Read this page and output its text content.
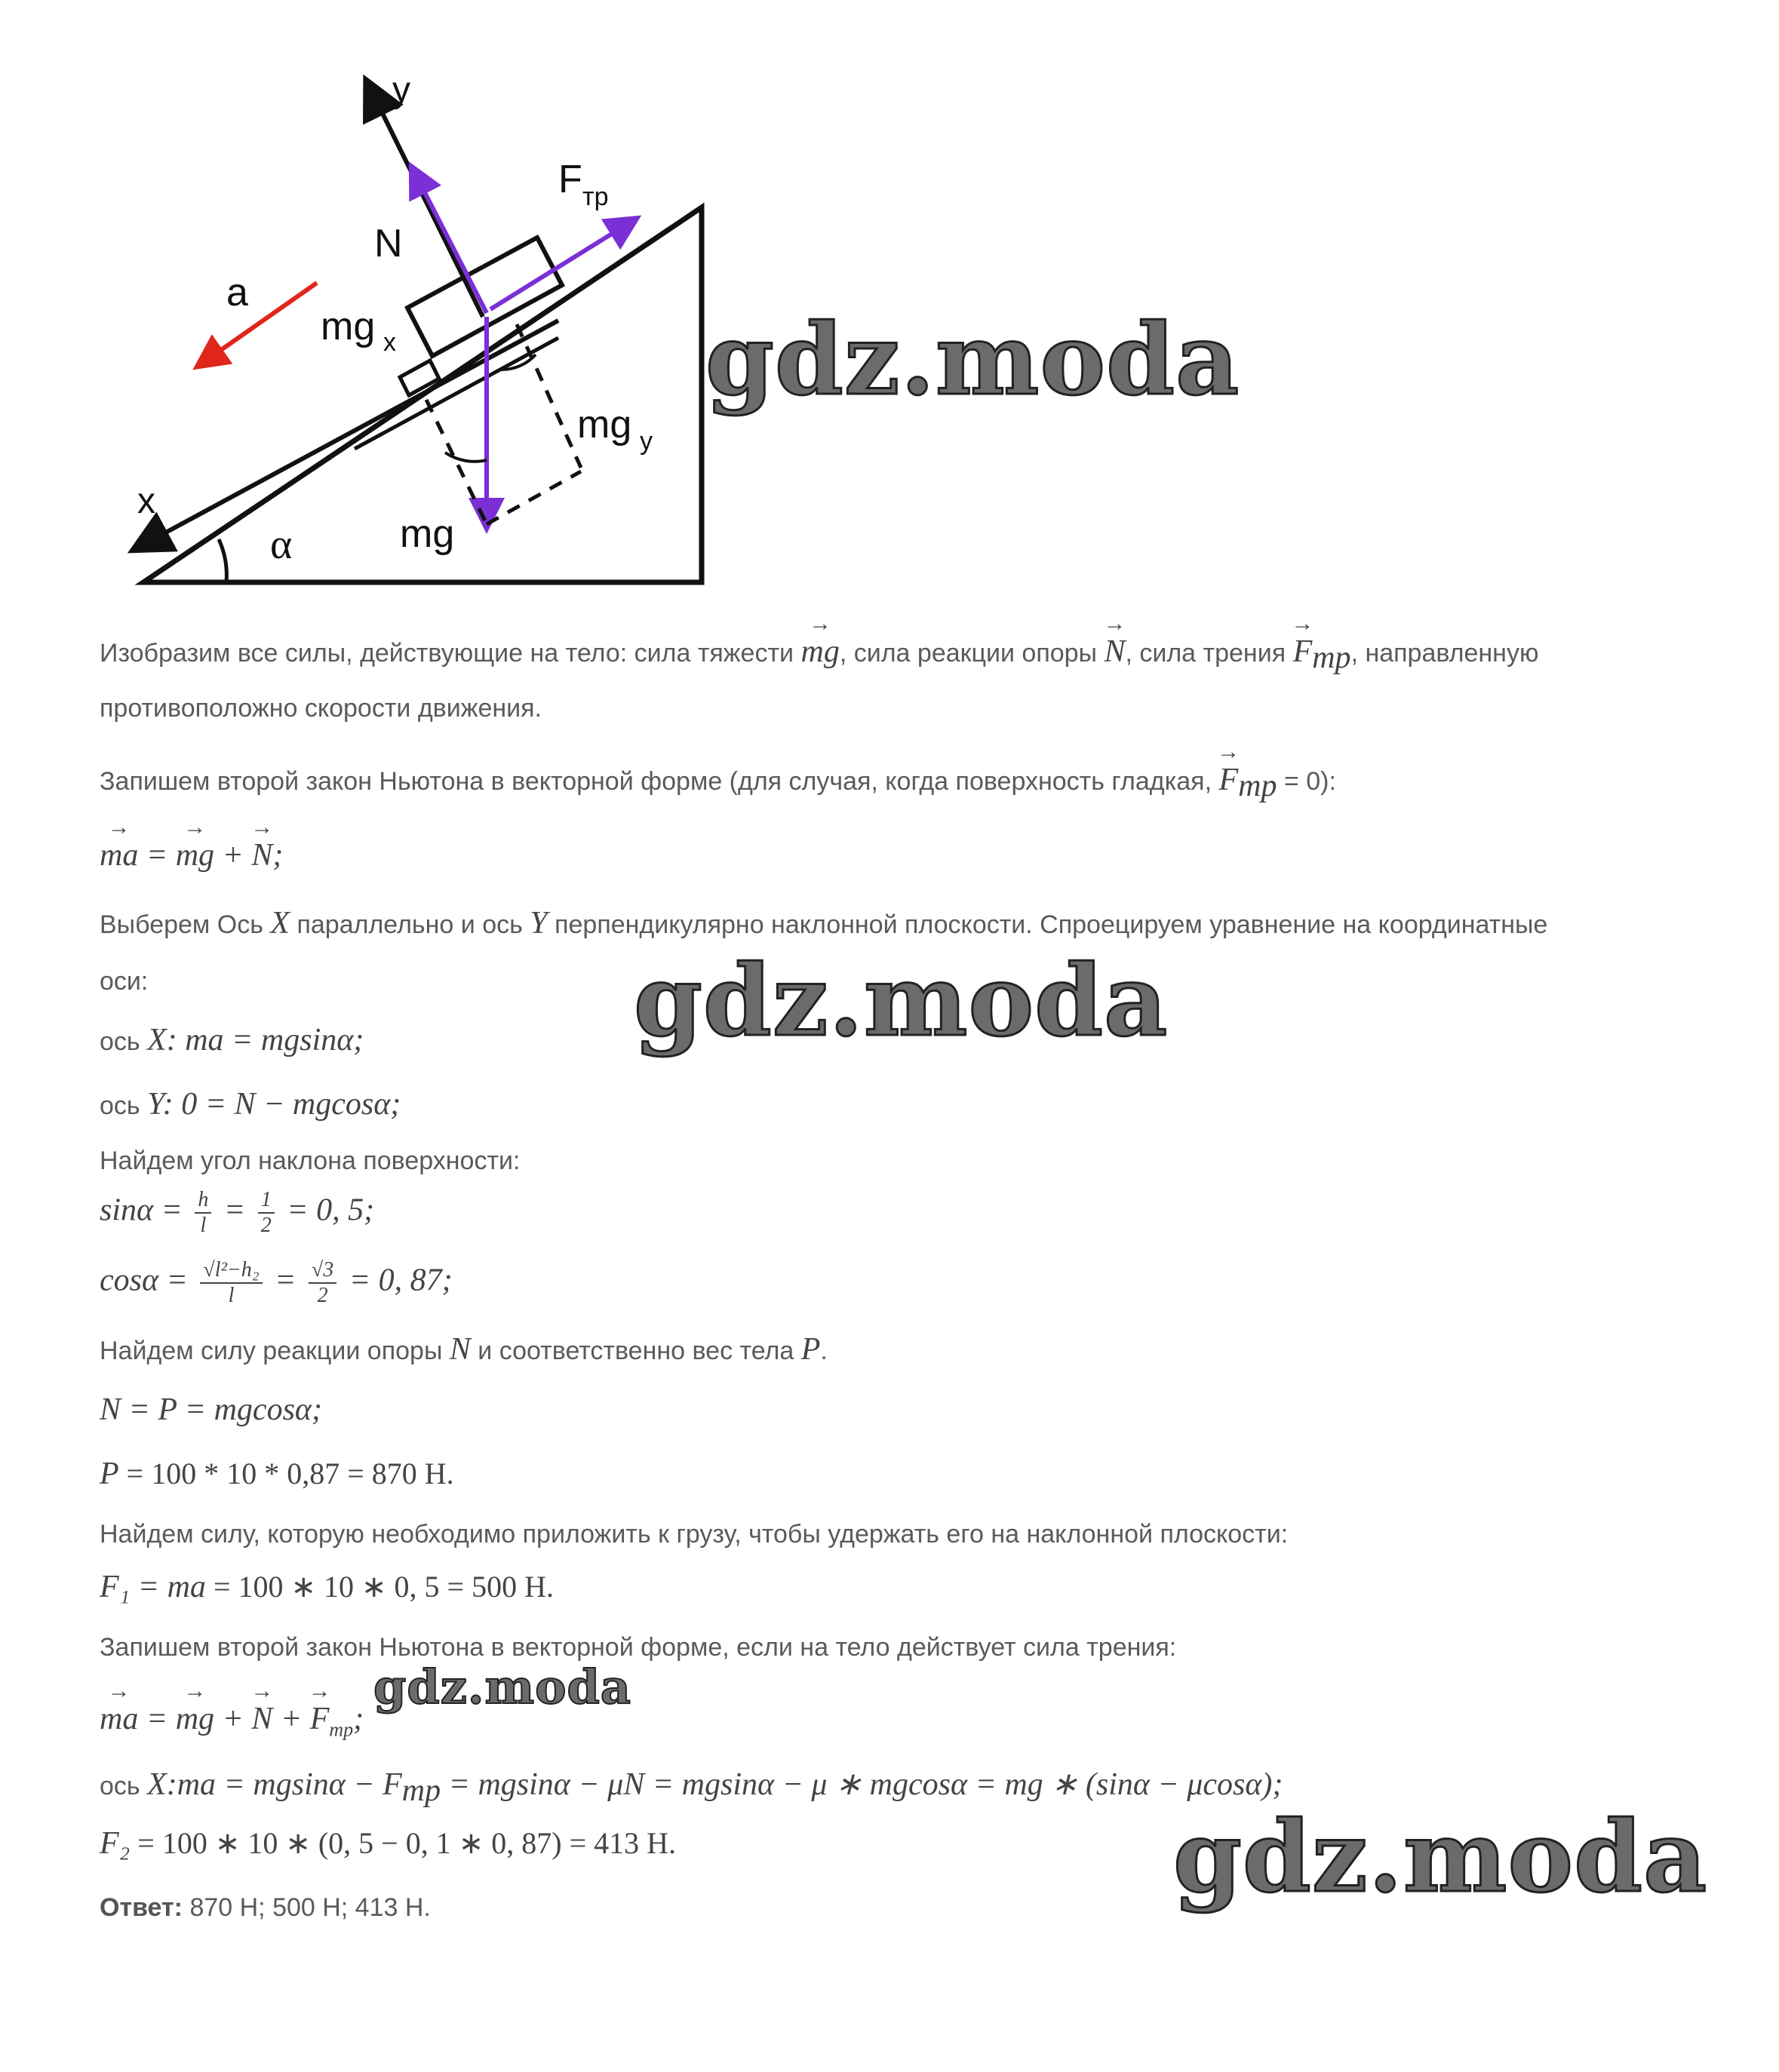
y
x
F тр
N
a
mg x
mg y
mg
α
Изобразим все силы, действующие на тело: сила тяжести → mg, сила реакции опоры → N, сила трения → $F_{тр}$, направленную
противоположно скорости движения.
Запишем второй закон Ньютона в векторной форме (для случая, когда поверхность гладкая, → $F_{тр} = 0$):
→ ma = → mg + → N;
Выберем Ось X параллельно и ось Y перпендикулярно наклонной плоскости. Спроецируем уравнение на координатные
оси:
ось X: ma = mgsinα;
ось Y: 0 = N − mgcosα;
Найдем угол наклона поверхности:
$\sin\alpha = \frac{h}{l} = \frac{1}{2} = 0$, 5;
$\cos\alpha = \frac{\text{√l²−h₂}}{l} = \frac{√3}{2} = 0$, 87;
Найдем силу реакции опоры N и соответственно вес тела P.
N = P = mgcosα;
P = 100 * 10 * 0,87 = 870 Н.
Найдем силу, которую необходимо приложить к грузу, чтобы удержать его на наклонной плоскости:
F₁ = ma = 100 ∗ 10 ∗ 0, 5 = 500 Н.
Запишем второй закон Ньютона в векторной форме, если на тело действует сила трения:
→ ma = → mg + → N + → $F_{тр}$;
ось X:ma = $mgsin\alpha - F_{тр} = mgsin\alpha - \mu N = mgsin\alpha - \mu$ ∗ mgcosα = mg ∗ (sinα − μcosα);
F₂ = 100 ∗ 10 ∗ (0, 5 − 0, 1 ∗ 0, 87) = 413 Н.
Ответ: 870 Н; 500 Н; 413 Н.
gdz.moda
gdz.moda
gdz.moda
gdz.moda
